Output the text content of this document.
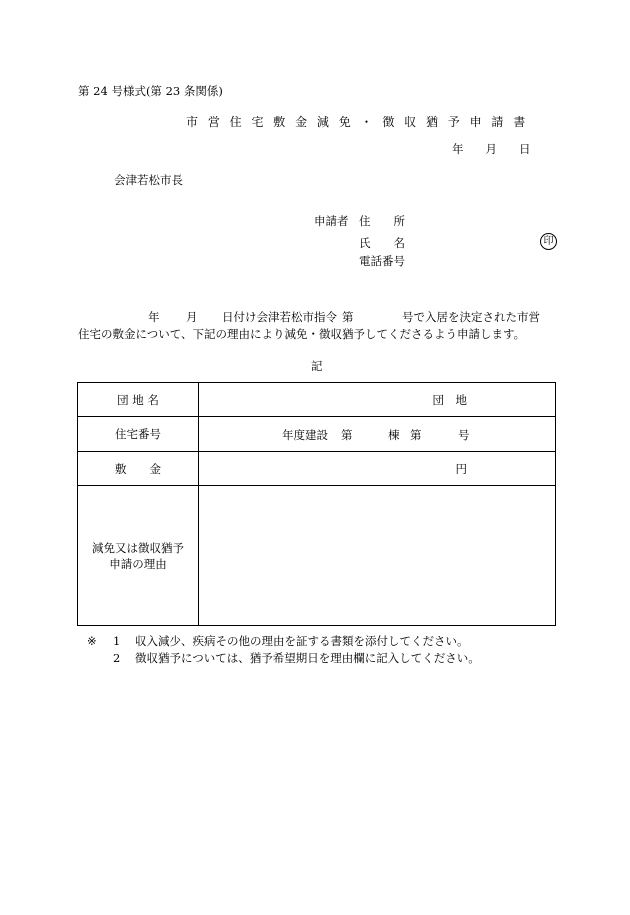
第 24 号様式(第 23 条関係)
市 営 住 宅 敷 金 減 免 ・ 徴 収 猶 予 申 請 書
年 月 日
会津若松市長
申請者 住　　所
氏　　名	印
電話番号
年 月 日付け会津若松市指令 第	号で入居を決定された市営
住宅の敷金について、下記の理由により減免・徴収猶予してくださるよう申請します。
記
団 地 名	団　地

住宅番号	年度建設 第 棟 第 号

敷　　金	円

減免又は徴収猶予
申請の理由	

※ 1 収入減少、疾病その他の理由を証する書類を添付してください。
2 徴収猶予については、猶予希望期日を理由欄に記入してください。
